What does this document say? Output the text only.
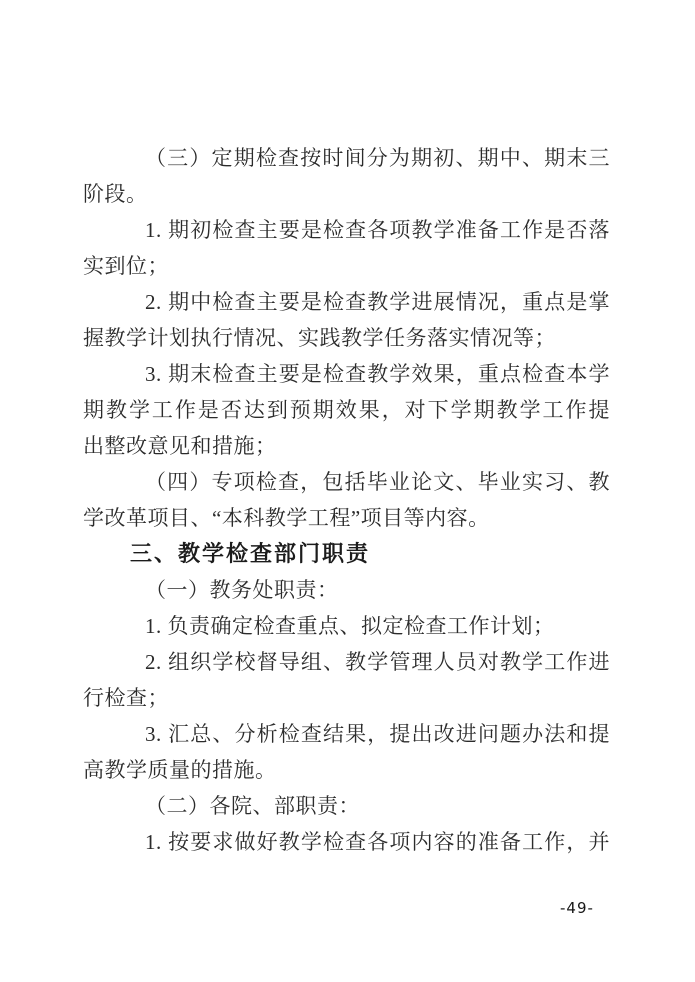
（三）定期检查按时间分为期初、期中、期末三
阶段。
1. 期初检查主要是检查各项教学准备工作是否落
实到位；
2. 期中检查主要是检查教学进展情况，重点是掌
握教学计划执行情况、实践教学任务落实情况等；
3. 期末检查主要是检查教学效果，重点检查本学
期教学工作是否达到预期效果，对下学期教学工作提
出整改意见和措施；
（四）专项检查，包括毕业论文、毕业实习、教
学改革项目、“本科教学工程”项目等内容。
三、教学检查部门职责
（一）教务处职责：
1. 负责确定检查重点、拟定检查工作计划；
2. 组织学校督导组、教学管理人员对教学工作进
行检查；
3. 汇总、分析检查结果，提出改进问题办法和提
高教学质量的措施。
（二）各院、部职责：
1. 按要求做好教学检查各项内容的准备工作，并
-49-
